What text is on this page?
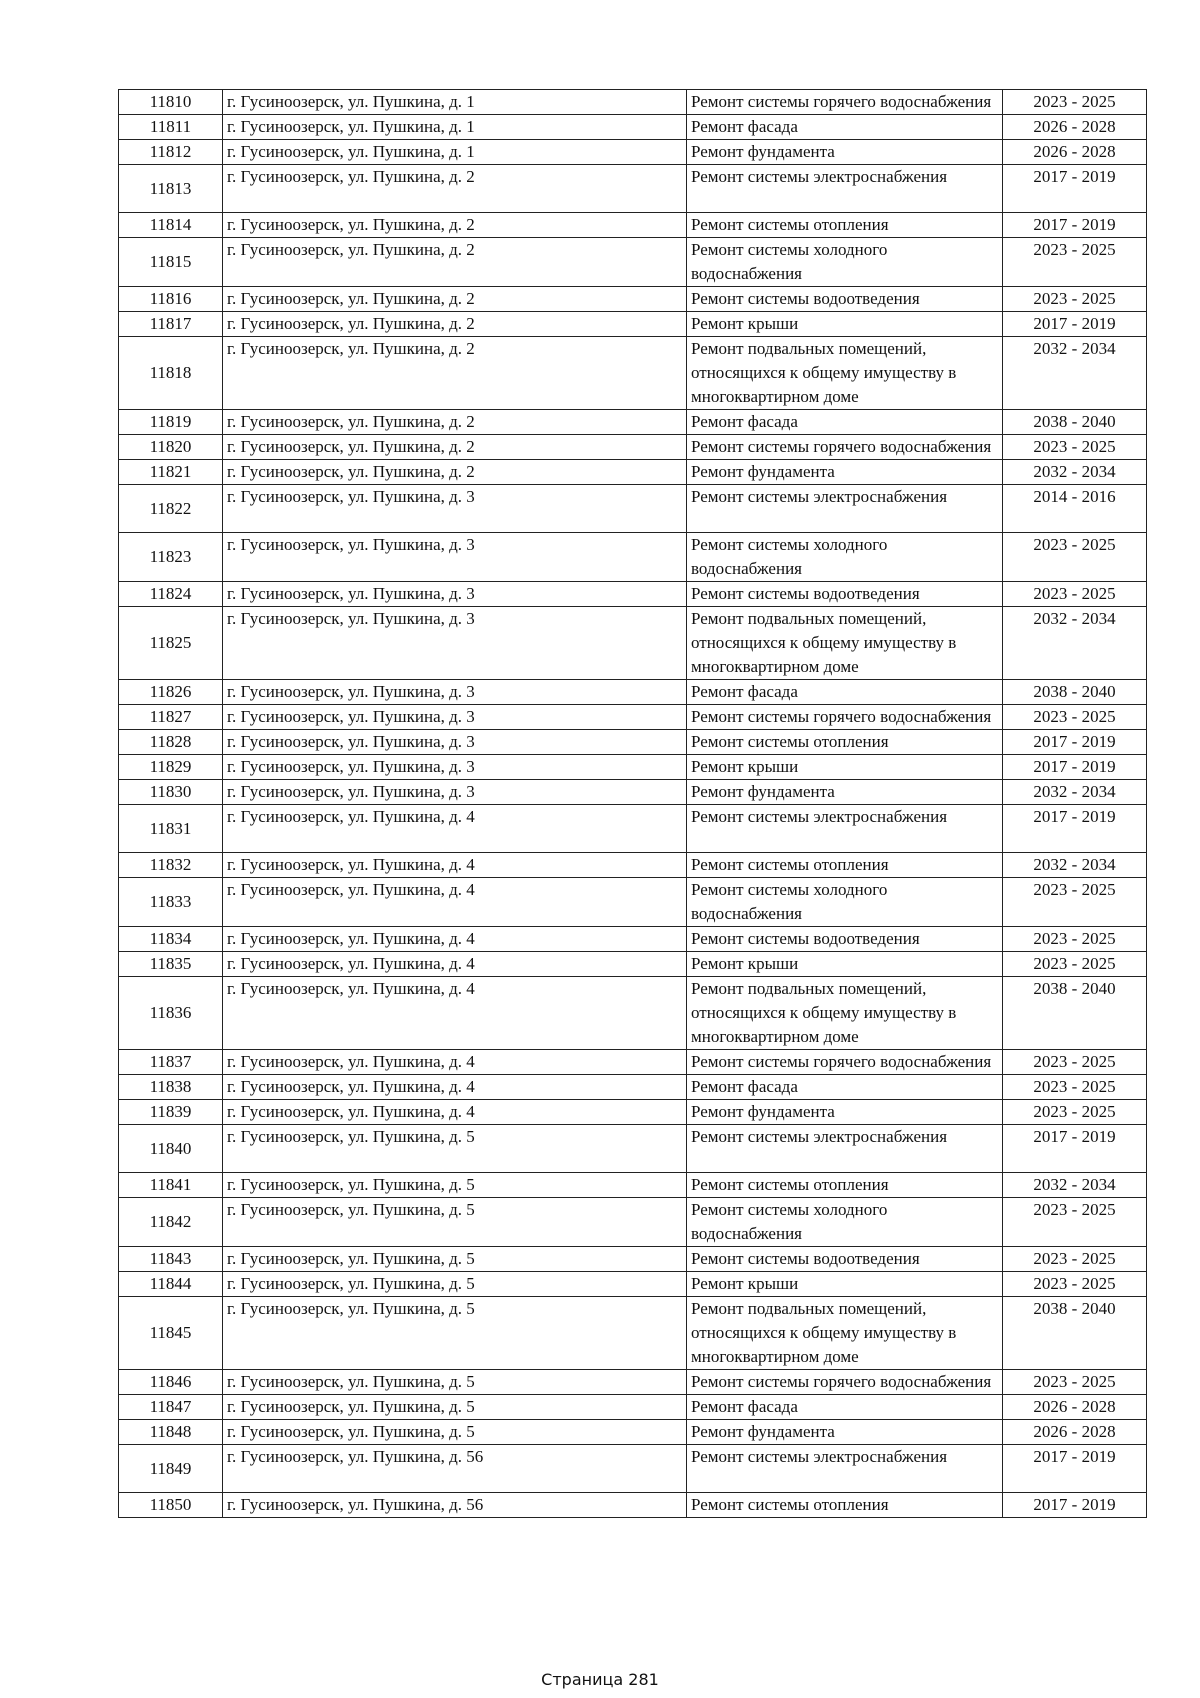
11810	г. Гусиноозерск, ул. Пушкина, д. 1	Ремонт системы горячего водоснабжения	2023 - 2025
11811	г. Гусиноозерск, ул. Пушкина, д. 1	Ремонт фасада	2026 - 2028
11812	г. Гусиноозерск, ул. Пушкина, д. 1	Ремонт фундамента	2026 - 2028
11813	г. Гусиноозерск, ул. Пушкина, д. 2	Ремонт системы электроснабжения	2017 - 2019
11814	г. Гусиноозерск, ул. Пушкина, д. 2	Ремонт системы отопления	2017 - 2019
11815	г. Гусиноозерск, ул. Пушкина, д. 2	Ремонт системы холодного водоснабжения	2023 - 2025
11816	г. Гусиноозерск, ул. Пушкина, д. 2	Ремонт системы водоотведения	2023 - 2025
11817	г. Гусиноозерск, ул. Пушкина, д. 2	Ремонт крыши	2017 - 2019
11818	г. Гусиноозерск, ул. Пушкина, д. 2	Ремонт подвальных помещений, относящихся к общему имуществу в многоквартирном доме	2032 - 2034
11819	г. Гусиноозерск, ул. Пушкина, д. 2	Ремонт фасада	2038 - 2040
11820	г. Гусиноозерск, ул. Пушкина, д. 2	Ремонт системы горячего водоснабжения	2023 - 2025
11821	г. Гусиноозерск, ул. Пушкина, д. 2	Ремонт фундамента	2032 - 2034
11822	г. Гусиноозерск, ул. Пушкина, д. 3	Ремонт системы электроснабжения	2014 - 2016
11823	г. Гусиноозерск, ул. Пушкина, д. 3	Ремонт системы холодного водоснабжения	2023 - 2025
11824	г. Гусиноозерск, ул. Пушкина, д. 3	Ремонт системы водоотведения	2023 - 2025
11825	г. Гусиноозерск, ул. Пушкина, д. 3	Ремонт подвальных помещений, относящихся к общему имуществу в многоквартирном доме	2032 - 2034
11826	г. Гусиноозерск, ул. Пушкина, д. 3	Ремонт фасада	2038 - 2040
11827	г. Гусиноозерск, ул. Пушкина, д. 3	Ремонт системы горячего водоснабжения	2023 - 2025
11828	г. Гусиноозерск, ул. Пушкина, д. 3	Ремонт системы отопления	2017 - 2019
11829	г. Гусиноозерск, ул. Пушкина, д. 3	Ремонт крыши	2017 - 2019
11830	г. Гусиноозерск, ул. Пушкина, д. 3	Ремонт фундамента	2032 - 2034
11831	г. Гусиноозерск, ул. Пушкина, д. 4	Ремонт системы электроснабжения	2017 - 2019
11832	г. Гусиноозерск, ул. Пушкина, д. 4	Ремонт системы отопления	2032 - 2034
11833	г. Гусиноозерск, ул. Пушкина, д. 4	Ремонт системы холодного водоснабжения	2023 - 2025
11834	г. Гусиноозерск, ул. Пушкина, д. 4	Ремонт системы водоотведения	2023 - 2025
11835	г. Гусиноозерск, ул. Пушкина, д. 4	Ремонт крыши	2023 - 2025
11836	г. Гусиноозерск, ул. Пушкина, д. 4	Ремонт подвальных помещений, относящихся к общему имуществу в многоквартирном доме	2038 - 2040
11837	г. Гусиноозерск, ул. Пушкина, д. 4	Ремонт системы горячего водоснабжения	2023 - 2025
11838	г. Гусиноозерск, ул. Пушкина, д. 4	Ремонт фасада	2023 - 2025
11839	г. Гусиноозерск, ул. Пушкина, д. 4	Ремонт фундамента	2023 - 2025
11840	г. Гусиноозерск, ул. Пушкина, д. 5	Ремонт системы электроснабжения	2017 - 2019
11841	г. Гусиноозерск, ул. Пушкина, д. 5	Ремонт системы отопления	2032 - 2034
11842	г. Гусиноозерск, ул. Пушкина, д. 5	Ремонт системы холодного водоснабжения	2023 - 2025
11843	г. Гусиноозерск, ул. Пушкина, д. 5	Ремонт системы водоотведения	2023 - 2025
11844	г. Гусиноозерск, ул. Пушкина, д. 5	Ремонт крыши	2023 - 2025
11845	г. Гусиноозерск, ул. Пушкина, д. 5	Ремонт подвальных помещений, относящихся к общему имуществу в многоквартирном доме	2038 - 2040
11846	г. Гусиноозерск, ул. Пушкина, д. 5	Ремонт системы горячего водоснабжения	2023 - 2025
11847	г. Гусиноозерск, ул. Пушкина, д. 5	Ремонт фасада	2026 - 2028
11848	г. Гусиноозерск, ул. Пушкина, д. 5	Ремонт фундамента	2026 - 2028
11849	г. Гусиноозерск, ул. Пушкина, д. 56	Ремонт системы электроснабжения	2017 - 2019
11850	г. Гусиноозерск, ул. Пушкина, д. 56	Ремонт системы отопления	2017 - 2019
Страница 281
